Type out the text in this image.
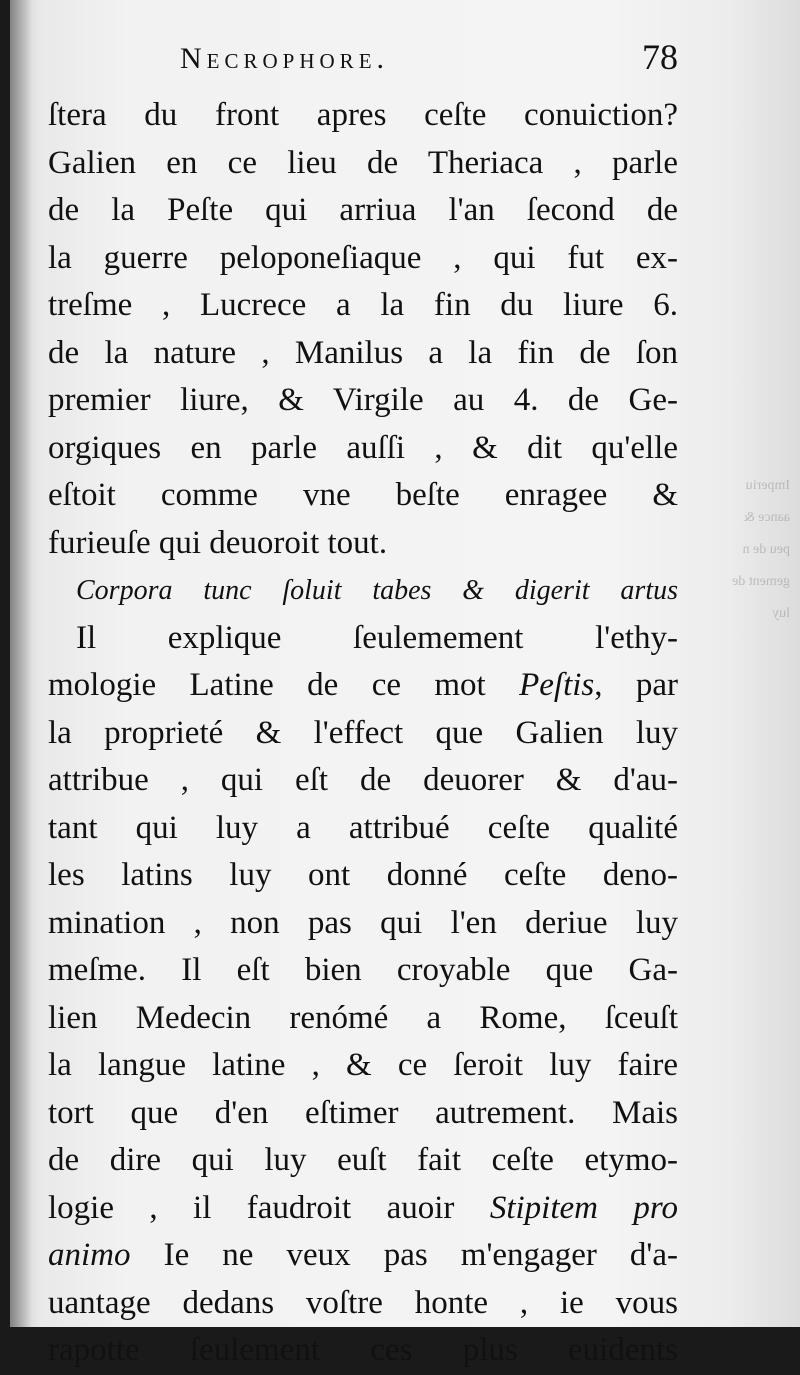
Imperiu
aance &
peu de n
gement de
luy
Necrophore.	78
ſtera du front apres ceſte conuiction?
Galien en ce lieu de Theriaca , parle
de la Peſte qui arriua l'an ſecond de
la guerre peloponeſiaque , qui fut ex-
treſme , Lucrece a la fin du liure 6.
de la nature , Manilus a la fin de ſon
premier liure, & Virgile au 4. de Ge-
orgiques en parle auſſi , & dit qu'elle
eſtoit comme vne beſte enragee &
furieuſe qui deuoroit tout.
Corpora tunc ſoluit tabes & digerit artus
Il explique ſeulemement l'ethy-
mologie Latine de ce mot Peſtis, par
la proprieté & l'effect que Galien luy
attribue , qui eſt de deuorer & d'au-
tant qui luy a attribué ceſte qualité
les latins luy ont donné ceſte deno-
mination , non pas qui l'en deriue luy
meſme. Il eſt bien croyable que Ga-
lien Medecin renómé a Rome, ſceuſt
la langue latine , & ce ſeroit luy faire
tort que d'en eſtimer autrement. Mais
de dire qui luy euſt fait ceſte etymo-
logie , il faudroit auoir Stipitem pro
animo Ie ne veux pas m'engager d'a-
uantage dedans voſtre honte , ie vous
rapotte ſeulement ces plus euidents
